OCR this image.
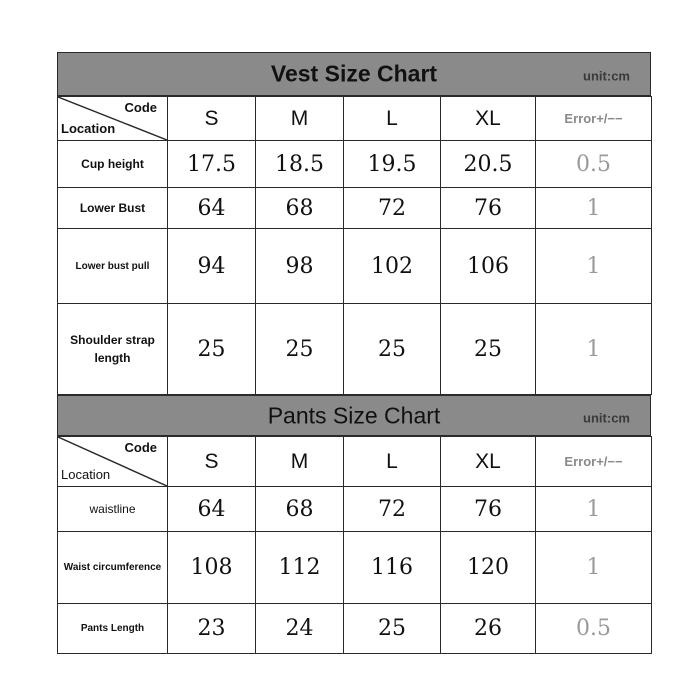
Vest Size Chart	unit:cm
Code
Location	S	M	L	XL	Error+/−−
Cup height	17.5	18.5	19.5	20.5	0.5
Lower Bust	64	68	72	76	1
Lower bust pull	94	98	102	106	1
Shoulder strap length	25	25	25	25	1
Pants Size Chart	unit:cm
Code
Location	S	M	L	XL	Error+/−−
waistline	64	68	72	76	1
Waist circumference	108	112	116	120	1
Pants Length	23	24	25	26	0.5
